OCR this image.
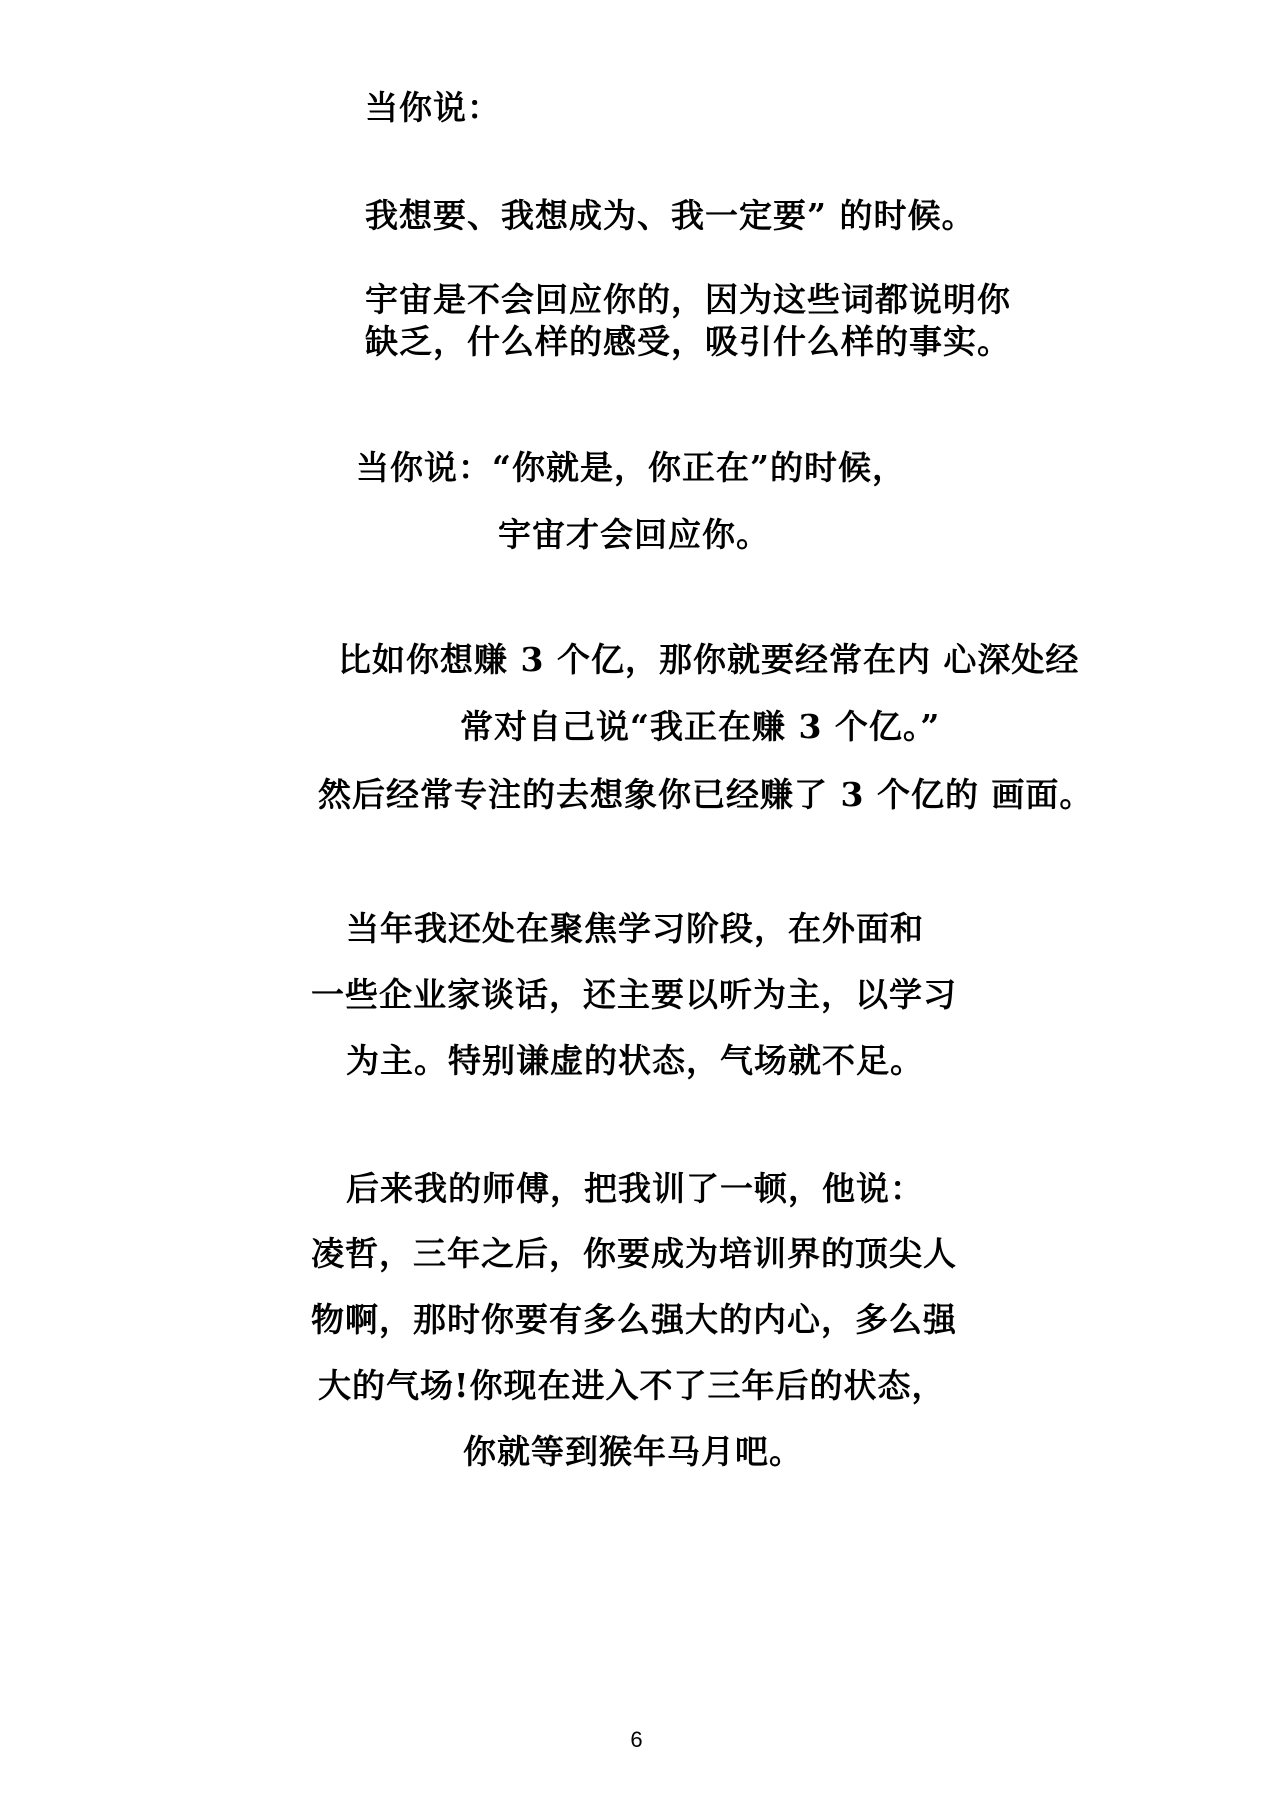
当你说：
我想要、我想成为、我一定要” 的时候。
宇宙是不会回应你的，因为这些词都说明你
缺乏，什么样的感受，吸引什么样的事实。
当你说：“你就是，你正在”的时候，
宇宙才会回应你。
比如你想赚 3 个亿，那你就要经常在内 心深处经
常对自己说“我正在赚 3 个亿。”
然后经常专注的去想象你已经赚了 3 个亿的 画面。
当年我还处在聚焦学习阶段，在外面和
一些企业家谈话，还主要以听为主，以学习
为主。特别谦虚的状态，气场就不足。
后来我的师傅，把我训了一顿，他说：
凌哲，三年之后，你要成为培训界的顶尖人
物啊，那时你要有多么强大的内心，多么强
大的气场!你现在进入不了三年后的状态，
你就等到猴年马月吧。
6
